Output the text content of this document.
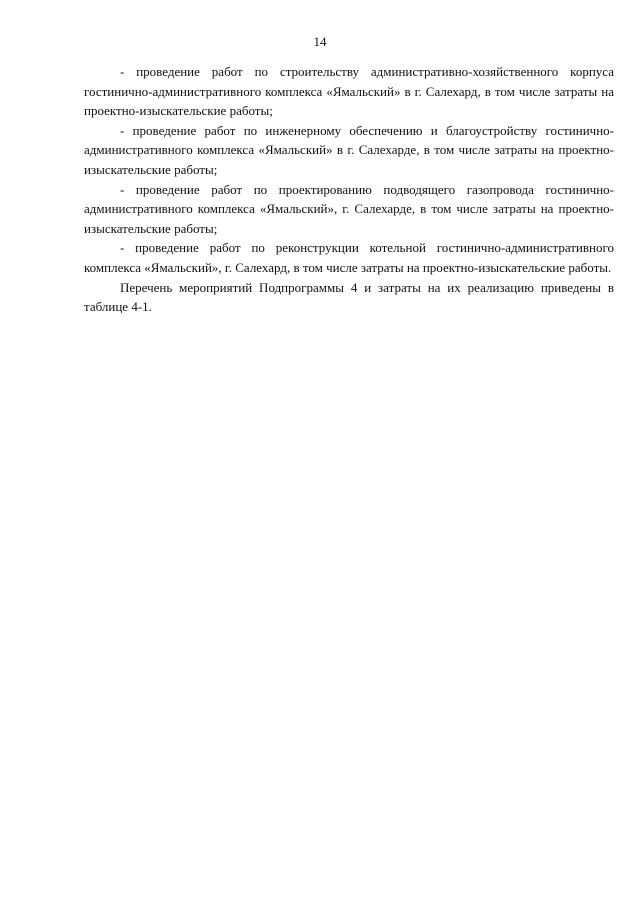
14

- проведение работ по строительству административно-хозяйственного корпуса гостинично-административного комплекса «Ямальский» в г. Салехард, в том числе затраты на проектно-изыскательские работы;

- проведение работ по инженерному обеспечению и благоустройству гостинично-административного комплекса «Ямальский» в г. Салехарде, в том числе затраты на проектно-изыскательские работы;

- проведение работ по проектированию подводящего газопровода гостинично-административного комплекса «Ямальский», г. Салехарде, в том числе затраты на проектно-изыскательские работы;

- проведение работ по реконструкции котельной гостинично-административного комплекса «Ямальский», г. Салехард, в том числе затраты на проектно-изыскательские работы.

Перечень мероприятий Подпрограммы 4 и затраты на их реализацию приведены в таблице 4-1.
